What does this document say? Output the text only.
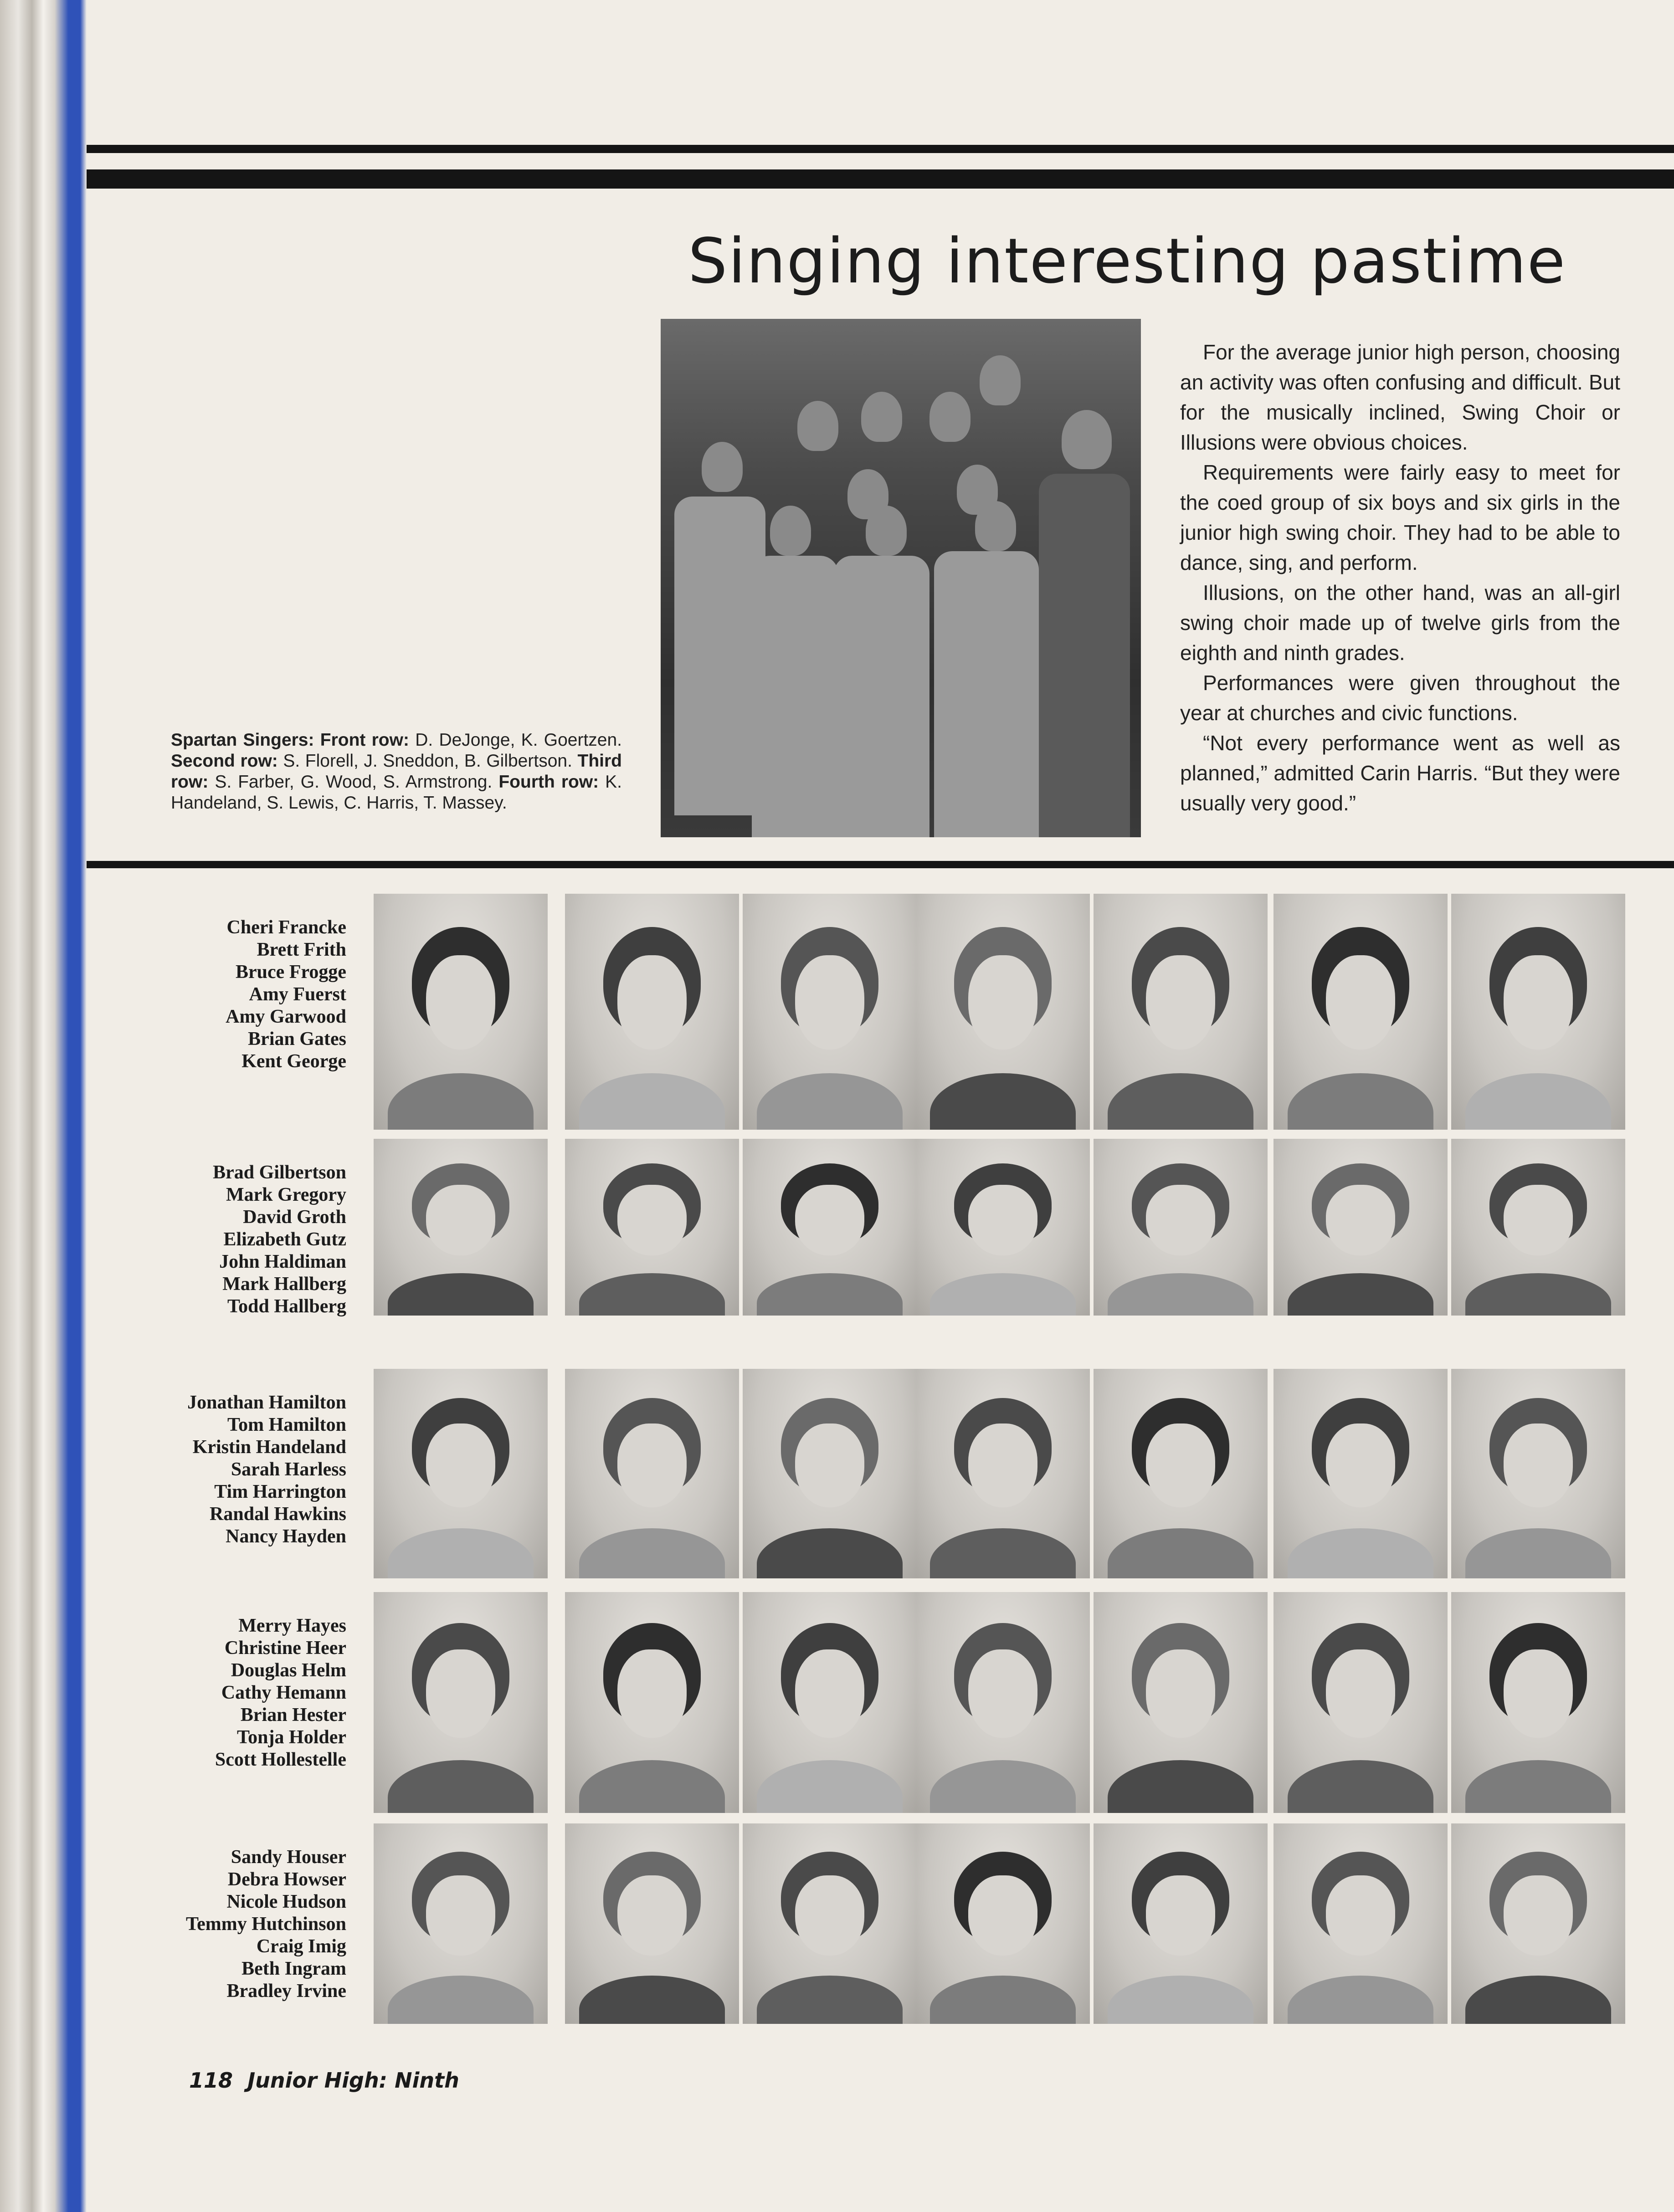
Singing interesting pastime
Spartan Singers: Front row: D. DeJonge, K. Goertzen. Second row: S. Florell, J. Sneddon, B. Gilbertson. Third row: S. Farber, G. Wood, S. Armstrong. Fourth row: K. Handeland, S. Lewis, C. Harris, T. Massey.

For the average junior high person, choosing an activity was often confusing and difficult. But for the musically inclined, Swing Choir or Illusions were obvious choices.

Requirements were fairly easy to meet for the coed group of six boys and six girls in the junior high swing choir. They had to be able to dance, sing, and perform.

Illusions, on the other hand, was an all-girl swing choir made up of twelve girls from the eighth and ninth grades.

Performances were given throughout the year at churches and civic functions.

“Not every performance went as well as planned,” admitted Carin Harris. “But they were usually very good.”

Cheri Francke
Brett Frith
Bruce Frogge
Amy Fuerst
Amy Garwood
Brian Gates
Kent George
Brad Gilbertson
Mark Gregory
David Groth
Elizabeth Gutz
John Haldiman
Mark Hallberg
Todd Hallberg
Jonathan Hamilton
Tom Hamilton
Kristin Handeland
Sarah Harless
Tim Harrington
Randal Hawkins
Nancy Hayden
Merry Hayes
Christine Heer
Douglas Helm
Cathy Hemann
Brian Hester
Tonja Holder
Scott Hollestelle
Sandy Houser
Debra Howser
Nicole Hudson
Temmy Hutchinson
Craig Imig
Beth Ingram
Bradley Irvine
118 Junior High: Ninth
